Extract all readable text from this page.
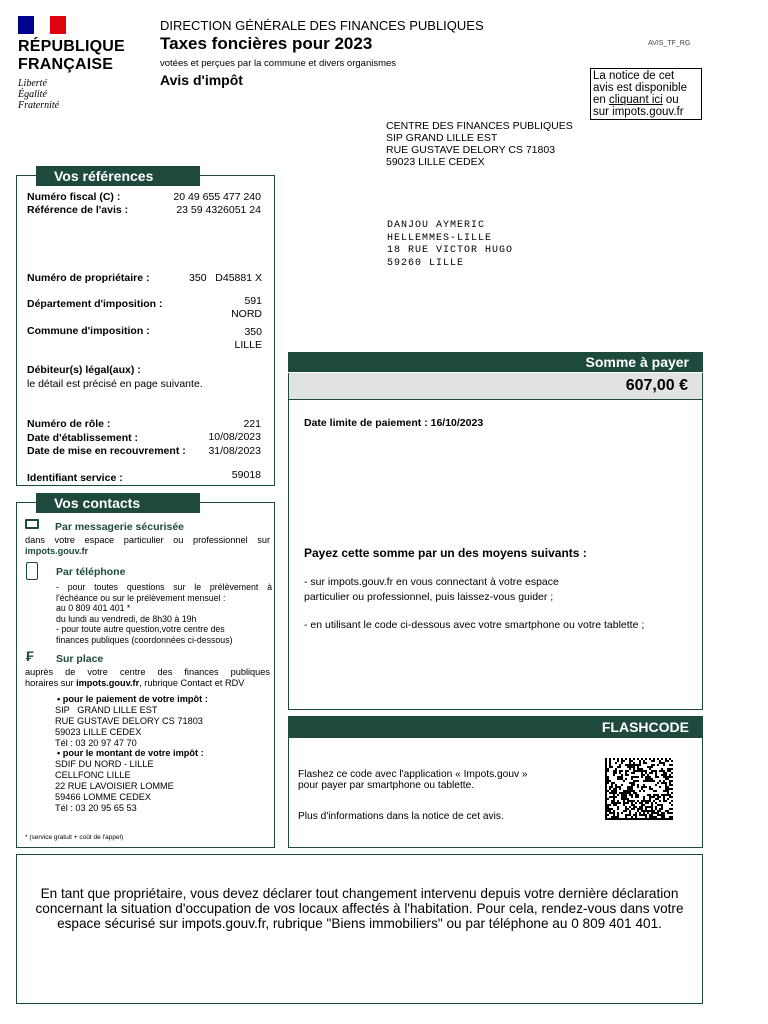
RÉPUBLIQUE
FRANÇAISE
Liberté
Égalité
Fraternité
DIRECTION GÉNÉRALE DES FINANCES PUBLIQUES
Taxes foncières pour 2023
votées et perçues par la commune et divers organismes
Avis d'impôt
AVIS_TF_RG
La notice de cet
avis est disponible
en cliquant ici ou
sur impots.gouv.fr
CENTRE DES FINANCES PUBLIQUES
SIP GRAND LILLE EST
RUE GUSTAVE DELORY CS 71803
59023 LILLE CEDEX
DANJOU AYMERIC
HELLEMMES-LILLE
18 RUE VICTOR HUGO
59260 LILLE
Vos références
Numéro fiscal (C) :	20 49 655 477 240
Référence de l'avis :	23 59 4326051 24
Numéro de propriétaire :	350   D45881 X
Département d'imposition :	591
NORD
Commune d'imposition :	350
LILLE
Débiteur(s) légal(aux) :
le détail est précisé en page suivante.
Numéro de rôle :	221
Date d'établissement :	10/08/2023
Date de mise en recouvrement : 31/08/2023
Identifiant service :	59018
₣
Par messagerie sécurisée
dans votre espace particulier ou professionnel sur
impots.gouv.fr
Par téléphone
- pour toutes questions sur le prélèvement à
l'échéance ou sur le prélèvement mensuel :
au 0 809 401 401 *
du lundi au vendredi, de 8h30 à 19h
- pour toute autre question,votre centre des
finances publiques (coordonnées ci-dessous)
Sur place
auprès de votre centre des finances publiques
horaires sur impots.gouv.fr, rubrique Contact et RDV
• pour le paiement de votre impôt :
SIP   GRAND LILLE EST
RUE GUSTAVE DELORY CS 71803
59023 LILLE CEDEX
Tél : 03 20 97 47 70
• pour le montant de votre impôt :
SDIF DU NORD - LILLE
CELLFONC LILLE
22 RUE LAVOISIER LOMME
59466 LOMME CEDEX
Tél : 03 20 95 65 53
* (service gratuit + coût de l'appel)
Vos contacts
Somme à payer
607,00 €
Date limite de paiement : 16/10/2023
Payez cette somme par un des moyens suivants :
- sur impots.gouv.fr en vous connectant à votre espace
particulier ou professionnel, puis laissez-vous guider ;
- en utilisant le code ci-dessous avec votre smartphone ou votre tablette ;
FLASHCODE
Flashez ce code avec l'application « Impots.gouv »
pour payer par smartphone ou tablette.
Plus d'informations dans la notice de cet avis.
En tant que propriétaire, vous devez déclarer tout changement intervenu depuis votre dernière déclaration
concernant la situation d'occupation de vos locaux affectés à l'habitation. Pour cela, rendez-vous dans votre
espace sécurisé sur impots.gouv.fr, rubrique "Biens immobiliers" ou par téléphone au 0 809 401 401.
